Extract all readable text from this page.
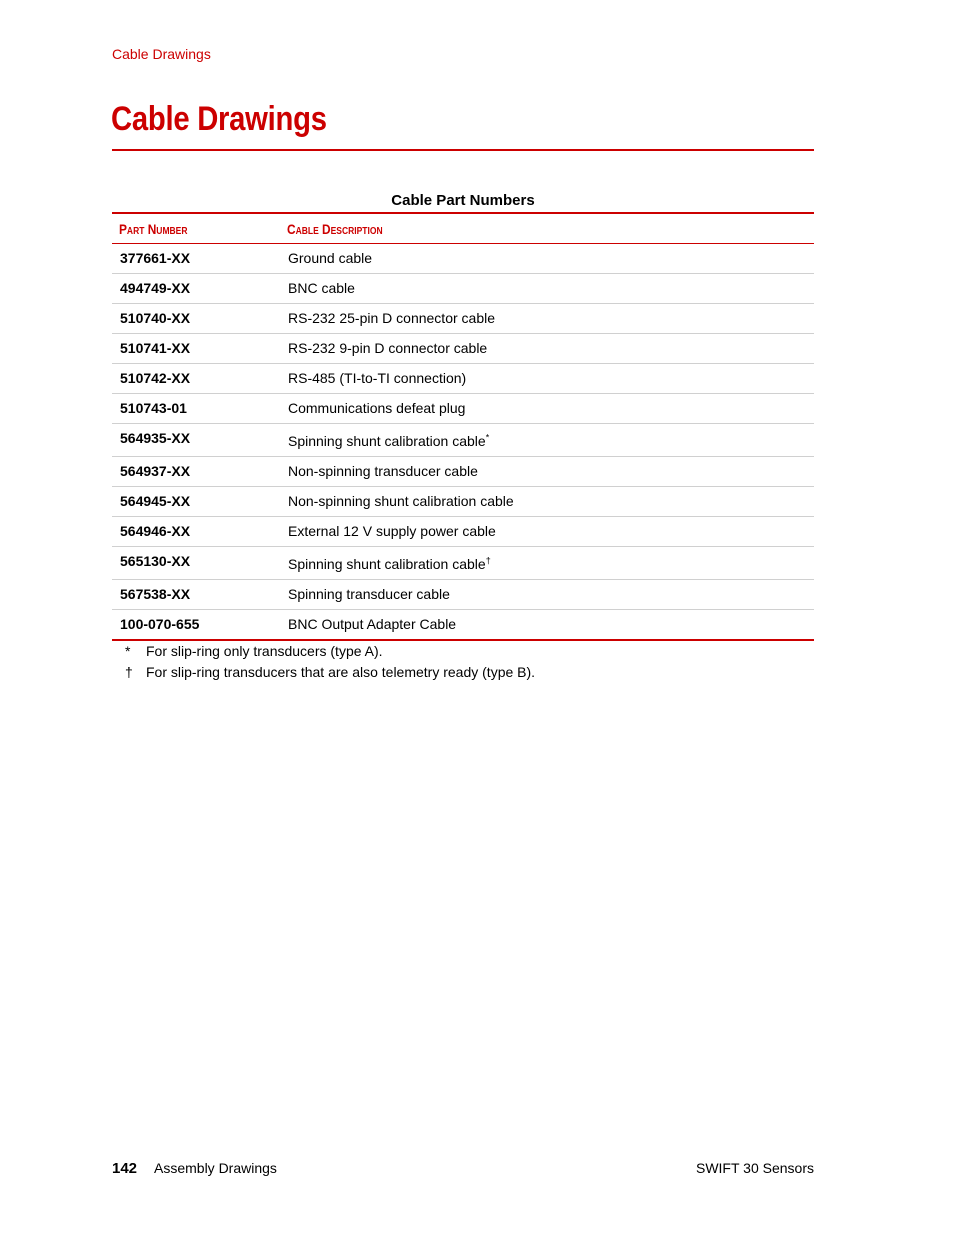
Cable Drawings
Cable Drawings
Cable Part Numbers
Part Number	Cable Description
377661-XX	Ground cable
494749-XX	BNC cable
510740-XX	RS-232 25-pin D connector cable
510741-XX	RS-232 9-pin D connector cable
510742-XX	RS-485 (TI-to-TI connection)
510743-01	Communications defeat plug
564935-XX	Spinning shunt calibration cable*
564937-XX	Non-spinning transducer cable
564945-XX	Non-spinning shunt calibration cable
564946-XX	External 12 V supply power cable
565130-XX	Spinning shunt calibration cable†
567538-XX	Spinning transducer cable
100-070-655	BNC Output Adapter Cable
*	For slip-ring only transducers (type A).
† For slip-ring transducers that are also telemetry ready (type B).
142 Assembly Drawings	SWIFT 30 Sensors
